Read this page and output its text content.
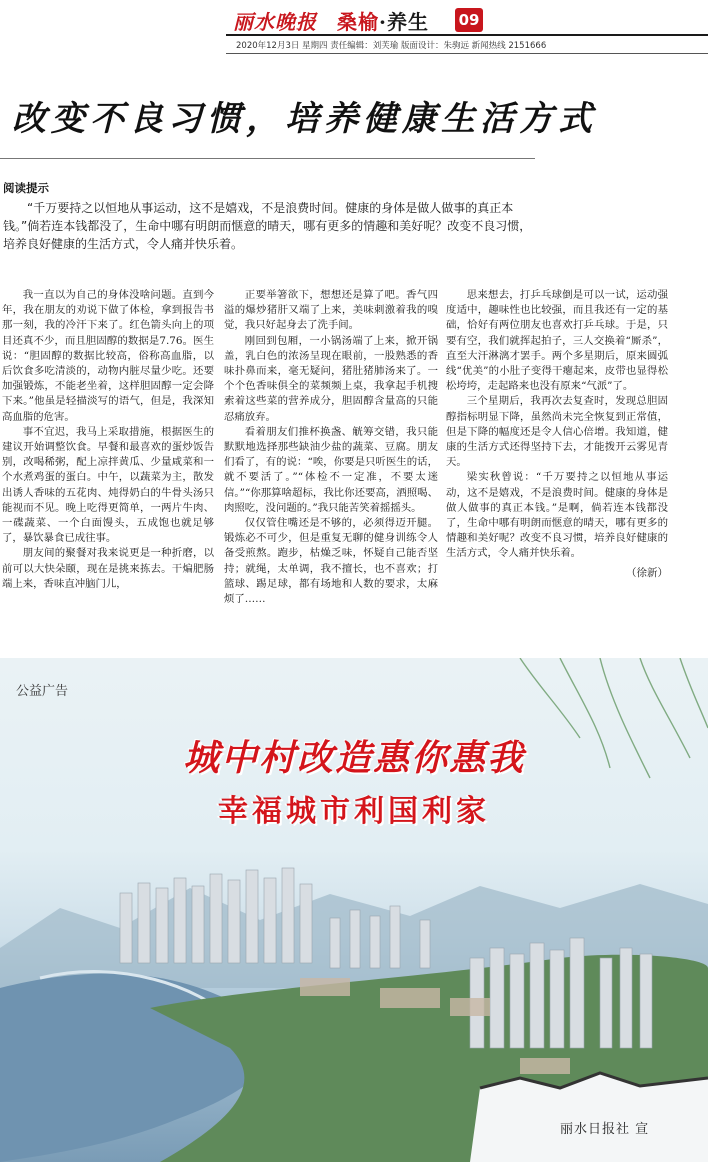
丽水晚报 桑榆·养生 09
2020年12月3日 星期四 责任编辑：刘芙瑜 版面设计：朱驹远 新闻热线 2151666
改变不良习惯，培养健康生活方式
阅读提示
“千万要持之以恒地从事运动，这不是嬉戏，不是浪费时间。健康的身体是做人做事的真正本钱。”倘若连本钱都没了，生命中哪有明朗而惬意的晴天，哪有更多的情趣和美好呢？改变不良习惯，培养良好健康的生活方式，令人痛并快乐着。

我一直以为自己的身体没啥问题。直到今年，我在朋友的劝说下做了体检，拿到报告书那一刻，我的冷汗下来了。红色箭头向上的项目还真不少，而且胆固醇的数据是7.76。医生说：“胆固醇的数据比较高，俗称高血脂，以后饮食多吃清淡的，动物内脏尽量少吃。还要加强锻炼，不能老坐着，这样胆固醇一定会降下来。”他虽是轻描淡写的语气，但是，我深知高血脂的危害。

事不宜迟，我马上采取措施，根据医生的建议开始调整饮食。早餐和最喜欢的蛋炒饭告别，改喝稀粥，配上凉拌黄瓜、少量咸菜和一个水煮鸡蛋的蛋白。中午，以蔬菜为主，散发出诱人香味的五花肉、炖得奶白的牛骨头汤只能视而不见。晚上吃得更简单，一两片牛肉、一碟蔬菜、一个白面馒头，五成饱也就足够了，暴饮暴食已成往事。

朋友间的聚餐对我来说更是一种折磨，以前可以大快朵颐，现在是挑来拣去。干煸肥肠端上来，香味直冲脑门儿，

正要举箸欲下，想想还是算了吧。香气四溢的爆炒猪肝又端了上来，美味刺激着我的嗅觉，我只好起身去了洗手间。

刚回到包厢，一小锅汤端了上来，掀开锅盖，乳白色的浓汤呈现在眼前，一股熟悉的香味扑鼻而来，毫无疑问，猪肚猪肺汤来了。一个个色香味俱全的菜频频上桌，我拿起手机搜索着这些菜的营养成分，胆固醇含量高的只能忍痛放弃。

看着朋友们推杯换盏、觥筹交错，我只能默默地选择那些缺油少盐的蔬菜、豆腐。朋友们看了，有的说：“唉，你要是只听医生的话，就不要活了。”“体检不一定准，不要太迷信。”“你那算啥超标，我比你还要高，酒照喝、肉照吃，没问题的。”我只能苦笑着摇摇头。

仅仅管住嘴还是不够的，必须得迈开腿。锻炼必不可少，但是重复无聊的健身训练令人备受煎熬。跑步，枯燥乏味，怀疑自己能否坚持；就绳，太单调，我不擅长，也不喜欢；打篮球、踢足球，都有场地和人数的要求，太麻烦了……

思来想去，打乒乓球倒是可以一试，运动强度适中，趣味性也比较强，而且我还有一定的基础，恰好有两位朋友也喜欢打乒乓球。于是，只要有空，我们就挥起拍子，三人交换着“厮杀”，直至大汗淋漓才罢手。两个多星期后，原来圆弧线“优美”的小肚子变得干瘪起来，皮带也显得松松垮垮，走起路来也没有原来“气派”了。

三个星期后，我再次去复查时，发现总胆固醇指标明显下降，虽然尚未完全恢复到正常值，但是下降的幅度还是令人信心倍增。我知道，健康的生活方式还得坚持下去，才能拨开云雾见青天。

梁实秋曾说：“千万要持之以恒地从事运动，这不是嬉戏，不是浪费时间。健康的身体是做人做事的真正本钱。”是啊，倘若连本钱都没了，生命中哪有明朗而惬意的晴天，哪有更多的情趣和美好呢？改变不良习惯，培养良好健康的生活方式，令人痛并快乐着。

（徐新）
公益广告
城中村改造惠你惠我
幸福城市利国利家
丽水日报社 宣
